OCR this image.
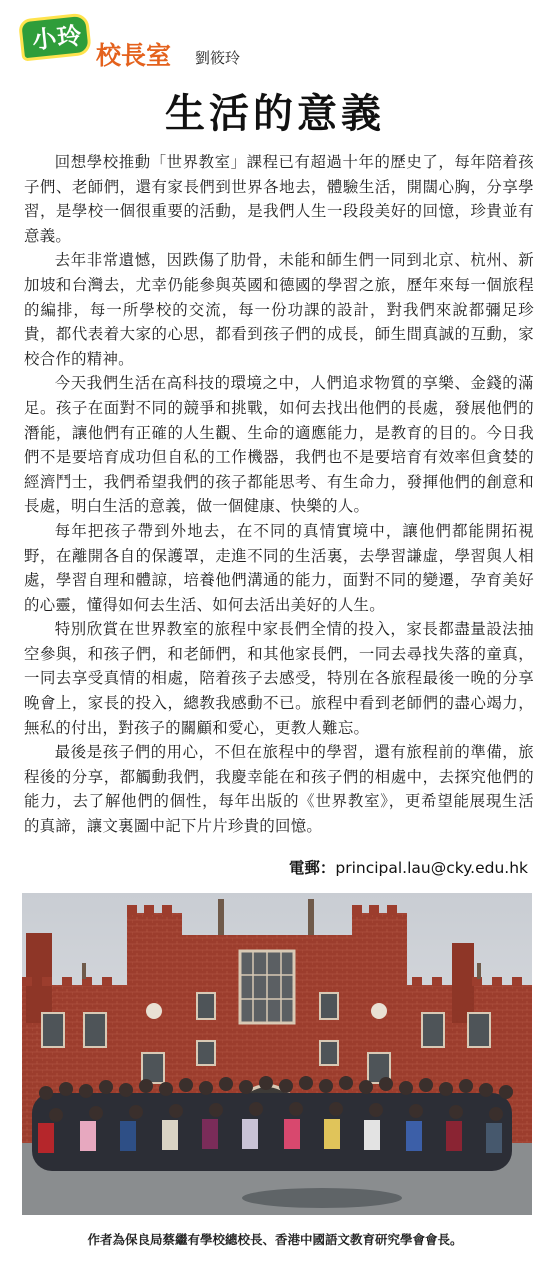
小玲
校長室 劉筱玲
生活的意義

回想學校推動「世界教室」課程已有超過十年的歷史了，每年陪着孩子們、老師們，還有家長們到世界各地去，體驗生活，開闊心胸，分享學習，是學校一個很重要的活動，是我們人生一段段美好的回憶，珍貴並有意義。

去年非常遺憾，因跌傷了肋骨，未能和師生們一同到北京、杭州、新加坡和台灣去，尤幸仍能參與英國和德國的學習之旅，歷年來每一個旅程的編排，每一所學校的交流，每一份功課的設計，對我們來說都彌足珍貴，都代表着大家的心思，都看到孩子們的成長，師生間真誠的互動，家校合作的精神。

今天我們生活在高科技的環境之中，人們追求物質的享樂、金錢的滿足。孩子在面對不同的競爭和挑戰，如何去找出他們的長處，發展他們的潛能，讓他們有正確的人生觀、生命的適應能力，是教育的目的。今日我們不是要培育成功但自私的工作機器，我們也不是要培育有效率但貪婪的經濟鬥士，我們希望我們的孩子都能思考、有生命力，發揮他們的創意和長處，明白生活的意義，做一個健康、快樂的人。

每年把孩子帶到外地去，在不同的真情實境中，讓他們都能開拓視野，在離開各自的保護罩，走進不同的生活裏，去學習謙虛，學習與人相處，學習自理和體諒，培養他們溝通的能力，面對不同的變遷，孕育美好的心靈，懂得如何去生活、如何去活出美好的人生。

特別欣賞在世界教室的旅程中家長們全情的投入，家長都盡量設法抽空參與，和孩子們，和老師們，和其他家長們，一同去尋找失落的童真，一同去享受真情的相處，陪着孩子去感受，特別在各旅程最後一晚的分享晚會上，家長的投入，總教我感動不已。旅程中看到老師們的盡心竭力，無私的付出，對孩子的關顧和愛心，更教人難忘。

最後是孩子們的用心，不但在旅程中的學習，還有旅程前的準備，旅程後的分享，都觸動我們，我慶幸能在和孩子們的相處中，去探究他們的能力，去了解他們的個性，每年出版的《世界教室》，更希望能展現生活的真諦，讓文裏圖中記下片片珍貴的回憶。

電郵：principal.lau@cky.edu.hk
作者為保良局蔡繼有學校總校長、香港中國語文教育研究學會會長。
